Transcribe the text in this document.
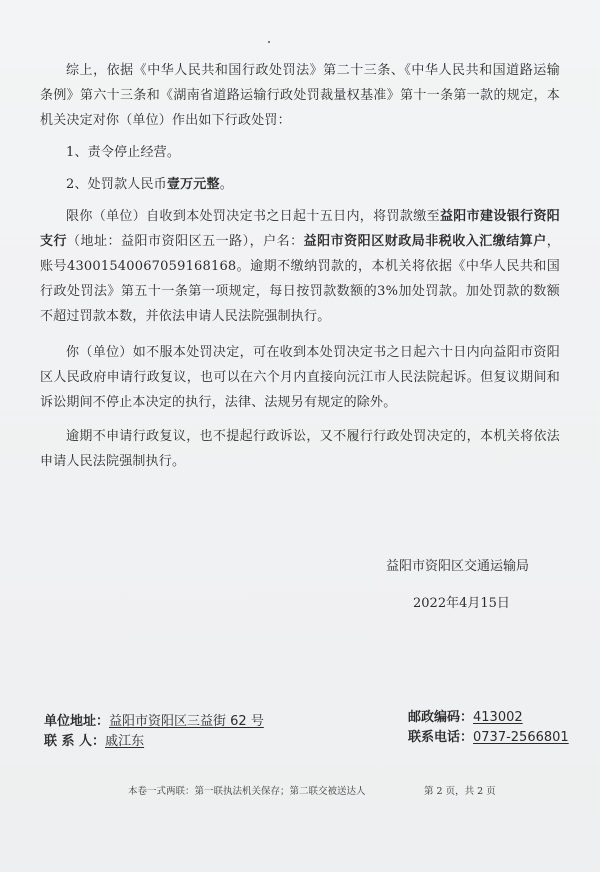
综上，依据《中华人民共和国行政处罚法》第二十三条、《中华人民共和国道路运输条例》第六十三条和《湖南省道路运输行政处罚裁量权基准》第十一条第一款的规定，本机关决定对你（单位）作出如下行政处罚：

1、责令停止经营。

2、处罚款人民币壹万元整。

限你（单位）自收到本处罚决定书之日起十五日内，将罚款缴至益阳市建设银行资阳支行（地址：益阳市资阳区五一路），户名：益阳市资阳区财政局非税收入汇缴结算户，账号43001540067059168168。逾期不缴纳罚款的，本机关将依据《中华人民共和国行政处罚法》第五十一条第一项规定，每日按罚款数额的3%加处罚款。加处罚款的数额不超过罚款本数，并依法申请人民法院强制执行。

你（单位）如不服本处罚决定，可在收到本处罚决定书之日起六十日内向益阳市资阳区人民政府申请行政复议，也可以在六个月内直接向沅江市人民法院起诉。但复议期间和诉讼期间不停止本决定的执行，法律、法规另有规定的除外。

逾期不申请行政复议，也不提起行政诉讼，又不履行行政处罚决定的，本机关将依法申请人民法院强制执行。

益阳市资阳区交通运输局
2022年4月15日
单位地址：益阳市资阳区三益街 62 号
联 系 人：戚江东
邮政编码：413002
联系电话：0737-2566801
本卷一式两联：第一联执法机关保存；第二联交被送达人	第 2 页，共 2 页
